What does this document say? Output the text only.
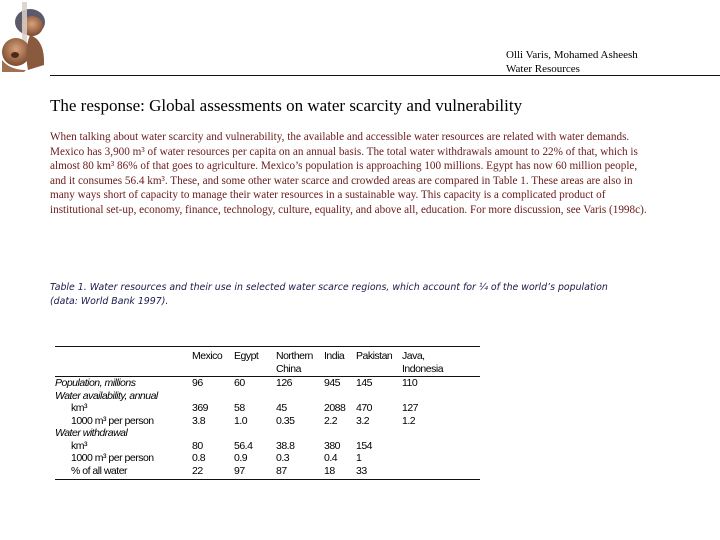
Olli Varis, Mohamed Asheesh
Water Resources
The response: Global assessments on water scarcity and vulnerability
When talking about water scarcity and vulnerability, the available and accessible water resources are related with water demands. Mexico has 3,900 m³ of water resources per capita on an annual basis. The total water withdrawals amount to 22% of that, which is almost 80 km³ 86% of that goes to agriculture. Mexico’s population is approaching 100 millions. Egypt has now 60 million people, and it consumes 56.4 km³. These, and some other water scarce and crowded areas are compared in Table 1. These areas are also in many ways short of capacity to manage their water resources in a sustainable way. This capacity is a complicated product of institutional set-up, economy, finance, technology, culture, equality, and above all, education. For more discussion, see Varis (1998c).
Table 1. Water resources and their use in selected water scarce regions, which account for ¼ of the world’s population
(data: World Bank 1997).
	Mexico	Egypt	Northern China	India	Pakistan	Java, Indonesia
Population, millions	96	60	126	945	145	110
Water availability, annual						
km³	369	58	45	2088	470	127
1000 m³ per person	3.8	1.0	0.35	2.2	3.2	1.2
Water withdrawal						
km³	80	56.4	38.8	380	154	
1000 m³ per person	0.8	0.9	0.3	0.4	1	
% of all water	22	97	87	18	33	
